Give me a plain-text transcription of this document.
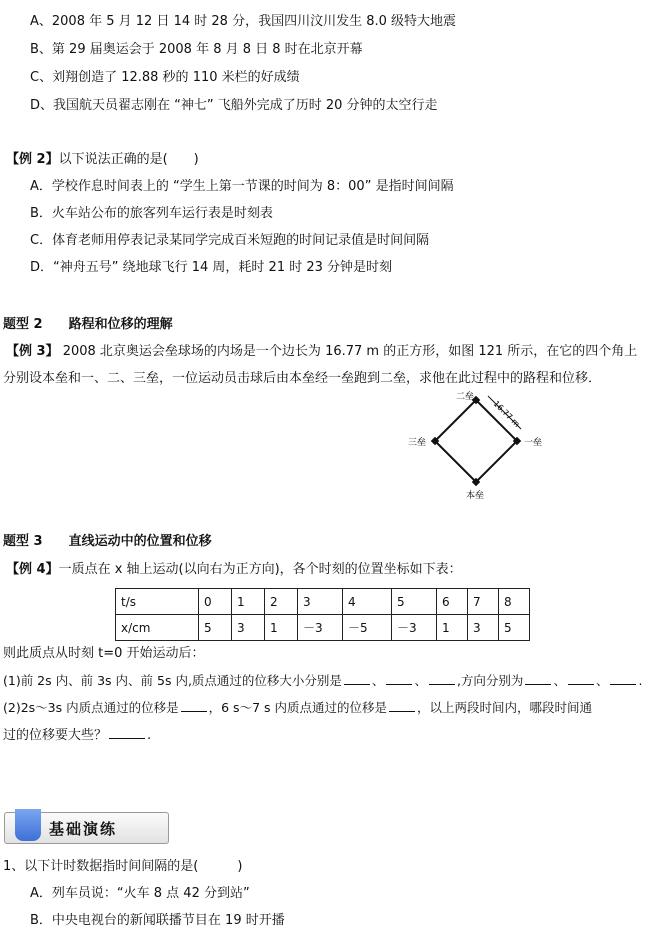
A、2008 年 5 月 12 日 14 时 28 分，我国四川汶川发生 8.0 级特大地震
B、第 29 届奥运会于 2008 年 8 月 8 日 8 时在北京开幕
C、刘翔创造了 12.88 秒的 110 米栏的好成绩
D、我国航天员翟志刚在 “神七” 飞船外完成了历时 20 分钟的太空行走
【例 2】以下说法正确的是(　　)
A．学校作息时间表上的 “学生上第一节课的时间为 8：00” 是指时间间隔
B．火车站公布的旅客列车运行表是时刻表
C．体育老师用停表记录某同学完成百米短跑的时间记录值是时间间隔
D．“神舟五号” 绕地球飞行 14 周，耗时 21 时 23 分钟是时刻
题型 2　　路程和位移的理解
【例 3】 2008 北京奥运会垒球场的内场是一个边长为 16.77 m 的正方形，如图 121 所示，在它的四个角上
分别设本垒和一、二、三垒，一位运动员击球后由本垒经一垒跑到二垒，求他在此过程中的路程和位移．
二垒
三垒	一垒
本垒
16.77 m
题型 3　　直线运动中的位置和位移
【例 4】一质点在 x 轴上运动(以向右为正方向)，各个时刻的位置坐标如下表：
t/s	0	1	2	3	4	5	6	7	8
x/cm	5	3	1	－3	－5	－3	1	3	5
则此质点从时刻 t=0 开始运动后：
(1)前 2s 内、前 3s 内、前 5s 内,质点通过的位移大小分别是 、 、 ,方向分别为 、 、 .
(2)2s～3s 内质点通过的位移是 ，6 s～7 s 内质点通过的位移是 ，以上两段时间内，哪段时间通
过的位移要大些？	.
基础演练
1、以下计时数据指时间间隔的是(　　　)
A．列车员说：“火车 8 点 42 分到站”
B．中央电视台的新闻联播节目在 19 时开播
